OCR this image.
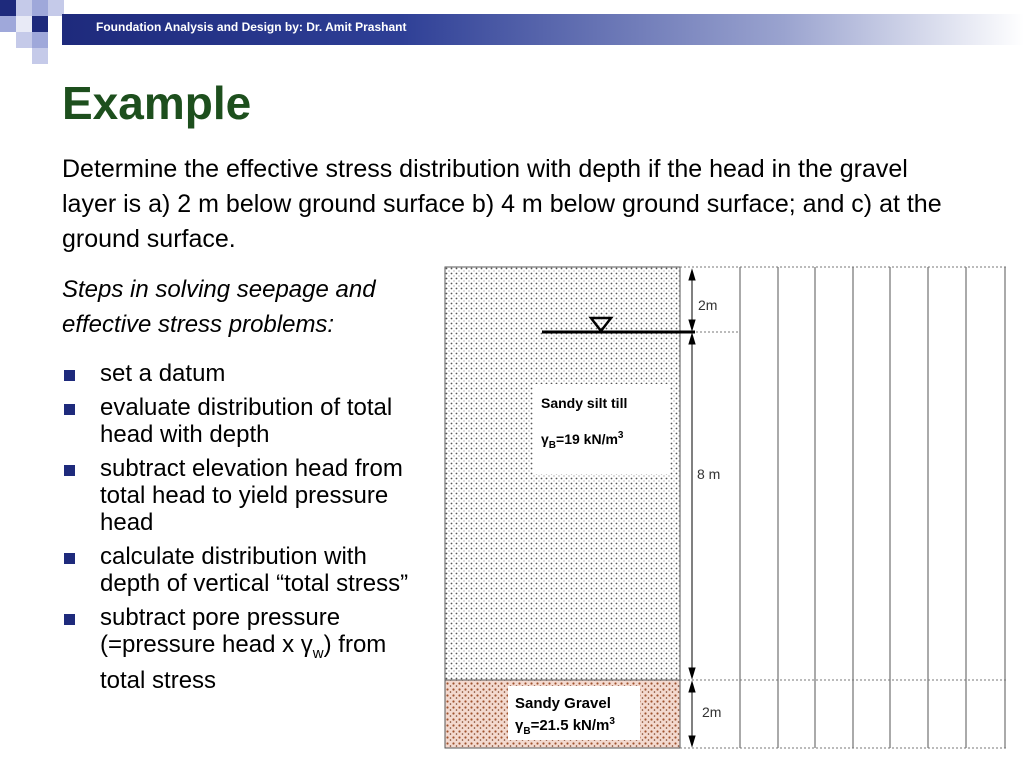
Foundation Analysis and Design by: Dr. Amit Prashant
Example

Determine the effective stress distribution with depth if the head in the gravel layer is a) 2 m below ground surface b) 4 m below ground surface; and c) at the ground surface.

Steps in solving seepage and effective stress problems:

set a datum
evaluate distribution of total head with depth
subtract elevation head from total head to yield pressure head
calculate distribution with depth of vertical “total stress”
subtract pore pressure (=pressure head x $\gamma_w$) from total stress
2m
8 m
2m
Sandy silt till
$\gamma_B=19$ $kN/m^3$
Sandy Gravel
$\gamma_B=21.5$ $kN/m^3$
